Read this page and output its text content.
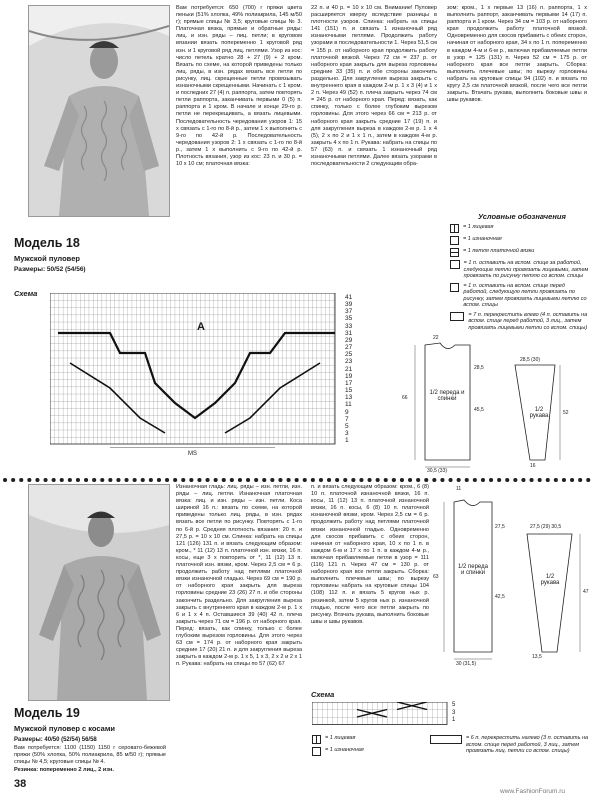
Модель 18
Мужской пуловер
Размеры: 50/52 (54/56)
Вам потребуется: 650 (700) г пряжи цвета пеньки (51% хлопка, 49% полиакрила, 145 м/50 г); прямые спицы № 3,5; круговые спицы № 3. Платочная вязка, прямые и обратные ряды: лиц. и изн. ряды – лиц. петли; в круговом вязании вязать попеременно 1 круговой ряд изн. и 1 круговой ряд лиц. петлями. Узор из кос: число петель кратно 28 + 27 (9) + 2 кром. Вязать по схеме, на которой приведены только лиц. ряды, в изн. рядах вязать все петли по рисунку, лиц. скрещенные петли провязывать изнаночными скрещенными. Начинать с 1 кром. и последних 27 (4) п. раппорта, затем повторять петли раппорта, заканчивать первыми 0 (5) п. раппорта и 1 кром. В начале и конце 29-го р. петли не перекрещивать, а вязать лицевыми. Последовательность чередования узоров 1: 15 х связать с 1-го по 8-й р., затем 1 х выполнить с 9-го по 42-й р. Последовательность чередования узоров 2: 1 х связать с 1-го по 8-й р., затем 1 х выполнить с 9-го по 42-й р. Плотность вязания, узор из кос: 23 п. и 30 р. = 10 х 10 см; платочная вязка:
22 п. и 40 р. = 10 х 10 см. Внимание! Пуловер расширяется кверху вследствие разницы в плотности узоров. Спинка: набрать на спицы 141 (151) п. и связать 1 изнаночный ряд изнаночными петлями. Продолжить работу узорами в последовательности 1. Через 51,5 см = 155 р. от наборного края продолжить работу платочной вязкой. Через 72 см = 237 р. от наборного края закрыть для выреза горловины средние 33 (35) п. и обе стороны закончить раздельно. Для закругления выреза закрыть с внутреннего края в каждом 2-м р. 1 х 3 (4) и 1 х 2 п. Через 49 (52) п. плеча закрыть через 74 см = 245 р. от наборного края. Перед: вязать, как спинку, только с более глубоким вырезом горловины. Для этого через 66 см = 213 р. от наборного края закрыть средние 17 (19) п. и для закругления выреза в каждом 2-м р. 1 х 4 (5), 2 х по 2 и 1 х 1 п., затем в каждом 4-м р. закрыть 4 х по 1 п. Рукава: набрать на спицы по 57 (63) п. и связать 1 изнаночный ряд изнаночными петлями. Далее вязать узорами в последовательности 2 следующим обра-
зом: кром., 1 х первые 13 (16) п. раппорта, 1 х выполнить раппорт, заканчивать первыми 14 (17) п. раппорта и 1 кром. Через 34 см = 103 р. от наборного края продолжить работу платочной вязкой. Одновременно для скосов прибавить с обеих сторон, начиная от наборного края, 34 х по 1 п. попеременно в каждом 4-м и 6-м р., включая прибавляемые петли в узор = 125 (131) п. Через 52 см = 175 р. от наборного края все петли закрыть. Сборка: выполнить плечевые швы; по вырезу горловины набрать на круговые спицы 94 (102) п. и вязать по кругу 2,5 см платочной вязкой, после чего все петли закрыть. Втачать рукава, выполнить боковые швы и швы рукавов.
Условные обозначения
= 1 лицевая
= 1 изнаночная
= 1 петля платочной вязки
= 1 п. оставить на вспом. спице за работой, следующие петли провязать лицевыми, затем провязать по рисунку петлю со вспом. спицы
= 1 п. оставить на вспом. спице перед работой, следующую петли провязать по рисунку, затем провязать лицевыми петлю со вспом. спицы
= 7 п. перекрестить влево (4 п. оставить на вспом. спице перед работой, 3 лиц., затем провязать лицевыми петли со вспом. спицы)
Схема
A
MS
41
39
37
35
33
31
29
27
25
23
21
19
17
15
13
11
9
7
5
3
1
1/2 переда и спинки
1/2 рукава
22
28,5
66
45,5
30,5 (33)
28,5 (30)
52
16
Модель 19
Мужской пуловер с косами
Размеры: 40/50 (52/54) 56/58
Вам потребуется: 1100 (1150) 1150 г серовато-бежевой пряжи (50% хлопка, 50% полиакрила, 85 м/50 г); прямые спицы № 4,5; круговые спицы № 4.
Резинка: попеременно 2 лиц., 2 изн.
38
Изнаночная гладь: лиц. ряды – изн. петли, изн. ряды – лиц. петли. Изнаночная платочная вязка: лиц. и изн. ряды – изн. петли. Коса шириной 16 п.: вязать по схеме, на которой приведены только лиц. ряды, в изн. рядах вязать все петли по рисунку. Повторять с 1-го по 6-й р. Средняя плотность вязания: 20 п. и 27,5 р. = 10 х 10 см. Спинка: набрать на спицы 121 (126) 131 п. и вязать следующим образом: кром., * 11 (12) 13 п. платочной изн. вязки, 16 п. косы, еще 3 х повторить от *, 11 (12) 13 п. платочной изн. вязки, кром. Через 2,5 см = 6 р. продолжить работу над петлями платочной вязки изнаночной гладью. Через 69 см = 190 р. от наборного края закрыть для выреза горловины средние 23 (26) 27 п. и обе стороны закончить раздельно. Для закругления выреза закрыть с внутреннего края в каждом 2-м р. 1 х 6 и 1 х 4 п. Оставшиеся 39 (40) 42 п. плеча закрыть через 71 см = 196 р. от наборного края. Перед: вязать, как спинку, только с более глубоким вырезом горловины. Для этого через 63 см = 174 р. от наборного края закрыть средние 17 (20) 21 п. и для закругления выреза закрыть в каждом 2-м р. 1 х 5, 1 х 3, 2 х 2 и 2 х 1 п. Рукава: набрать на спицы по 57 (62) 67
п. и вязать следующим образом: кром., 6 (8) 10 п. платочной изнаночной вязки, 16 п. косы, 11 (12) 13 п. платочной изнаночной вязки, 16 п. косы, 6 (8) 10 п. платочной изнаночной вязки, кром. Через 2,5 см = 6 р. продолжить работу над петлями платочной вязки изнаночной гладью. Одновременно для скосов прибавить с обеих сторон, начиная от наборного края, 10 х по 1 п. в каждом 6-м и 17 х по 1 п. в каждом 4-м р., включая прибавляемые петли в узор = 111 (116) 121 п. Через 47 см = 130 р. от наборного края все петли закрыть. Сборка: выполнить плечевые швы; по вырезу горловины набрать на круговые спицы 104 (108) 112 п. и вязать 5 кругов ных р. резинкой, затем 5 кругов ных р. изнаночной гладью, после чего все петли закрыть по рисунку. Втачать рукава, выполнить боковые швы и швы рукавов.
1/2 переда и спинки
1/2 рукава
11
27,5
63
42,5
30 (31,5)
27,5 (29) 30,5
47
13,5
Схема
5
3
1
= 1 лицевая
= 1 изнаночная
= 6 п. перекрестить налево (3 п. оставить на вспом. спице перед работой, 3 лиц., затем провязать лиц. петли со вспом. спицы)
www.FashionForum.ru
